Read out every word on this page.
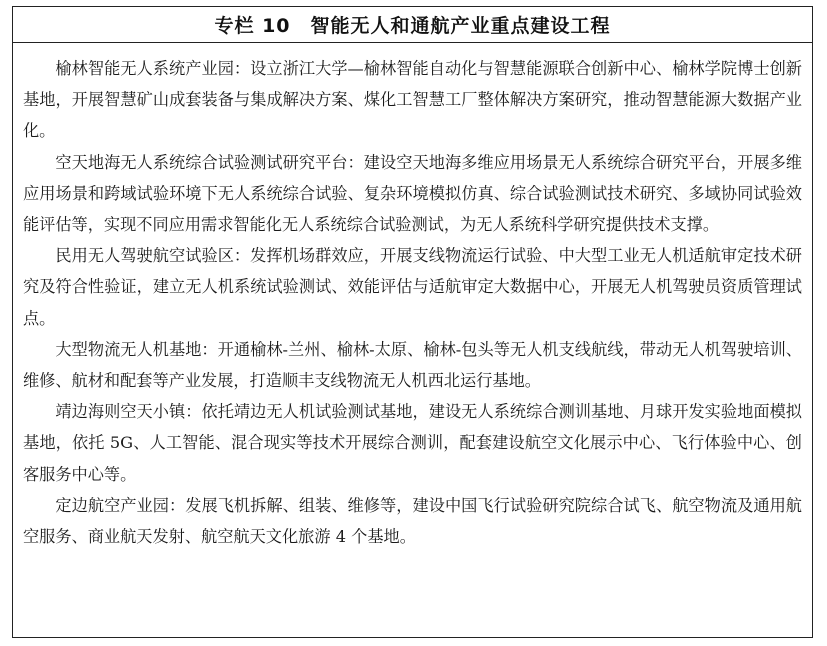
专栏 10　智能无人和通航产业重点建设工程

榆林智能无人系统产业园：设立浙江大学—榆林智能自动化与智慧能源联合创新中心、榆林学院博士创新基地，开展智慧矿山成套装备与集成解决方案、煤化工智慧工厂整体解决方案研究，推动智慧能源大数据产业化。

空天地海无人系统综合试验测试研究平台：建设空天地海多维应用场景无人系统综合研究平台，开展多维应用场景和跨域试验环境下无人系统综合试验、复杂环境模拟仿真、综合试验测试技术研究、多域协同试验效能评估等，实现不同应用需求智能化无人系统综合试验测试，为无人系统科学研究提供技术支撑。

民用无人驾驶航空试验区：发挥机场群效应，开展支线物流运行试验、中大型工业无人机适航审定技术研究及符合性验证，建立无人机系统试验测试、效能评估与适航审定大数据中心，开展无人机驾驶员资质管理试点。

大型物流无人机基地：开通榆林-兰州、榆林-太原、榆林-包头等无人机支线航线，带动无人机驾驶培训、维修、航材和配套等产业发展，打造顺丰支线物流无人机西北运行基地。

靖边海则空天小镇：依托靖边无人机试验测试基地，建设无人系统综合测训基地、月球开发实验地面模拟基地，依托 5G、人工智能、混合现实等技术开展综合测训，配套建设航空文化展示中心、飞行体验中心、创客服务中心等。

定边航空产业园：发展飞机拆解、组装、维修等，建设中国飞行试验研究院综合试飞、航空物流及通用航空服务、商业航天发射、航空航天文化旅游 4 个基地。
